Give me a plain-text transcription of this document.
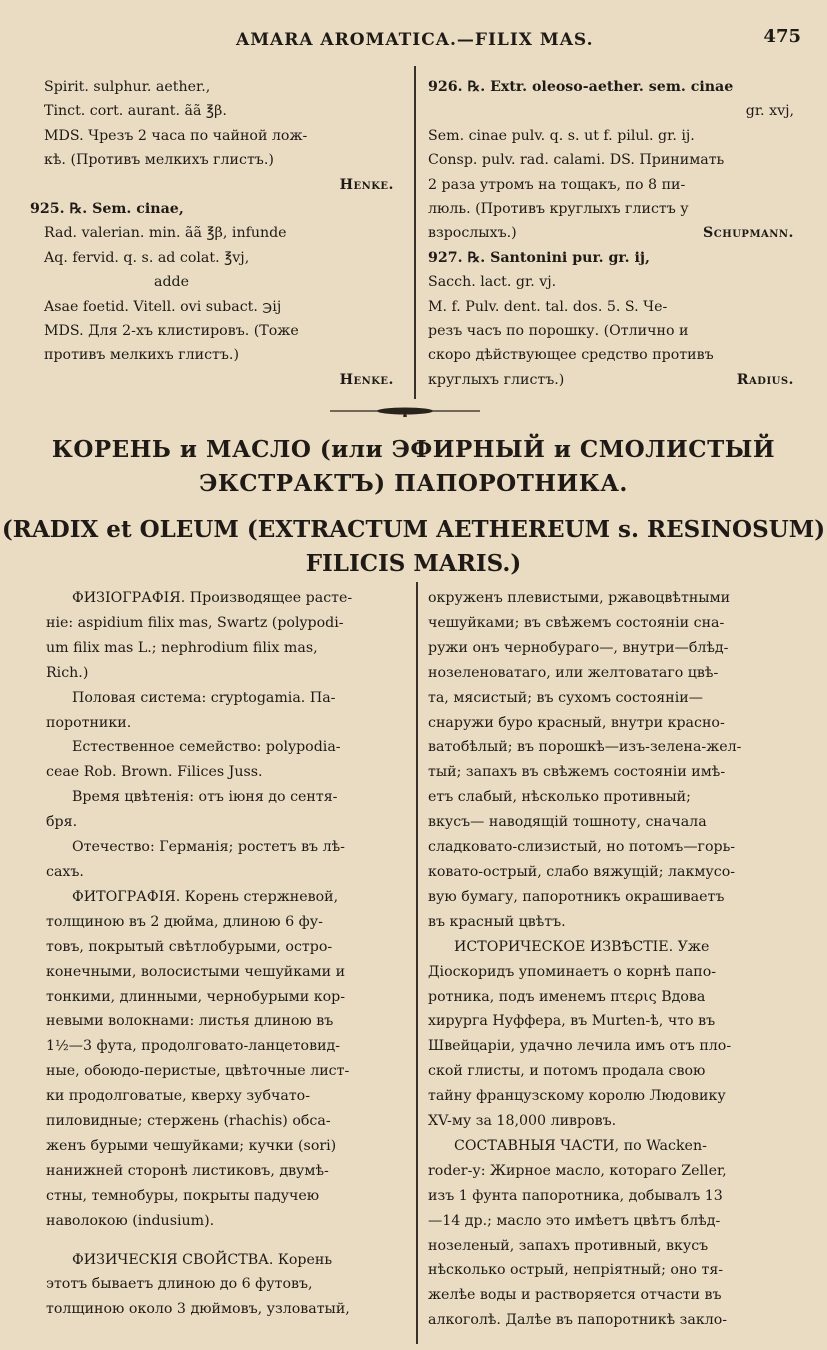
AMARA AROMATICA.—FILIX MAS.	475

Spirit. sulphur. aether.,

Tinct. cort. aurant. ãã ℥β.

MDS. Чрезъ 2 часа по чайной лож-

кѣ. (Противъ мелкихъ глистъ.)

Henke.

925. ℞. Sem. cinae,

Rad. valerian. min. ãã ℥β, infunde

Aq. fervid. q. s. ad colat. ℥vj,

adde

Asae foetid. Vitell. ovi subact. ℈ij

MDS. Для 2-хъ клистировъ. (Тоже

противъ мелкихъ глистъ.)

Henke.

926. ℞. Extr. oleoso-aether. sem. cinae

gr. xvj,

Sem. cinae pulv. q. s. ut f. pilul. gr. ij.

Consp. pulv. rad. calami. DS. Принимать

2 раза утромъ на тощакъ, по 8 пи-

люль. (Противъ круглыхъ глистъ у

взрослыхъ.)	Schupmann.

927. ℞. Santonini pur. gr. ij,

Sacch. lact. gr. vj.

M. f. Pulv. dent. tal. dos. 5. S. Че-

резъ часъ по порошку. (Отлично и

скоро дѣйствующее средство противъ

круглыхъ глистъ.)	Radius.

КОРЕНЬ и МАСЛО (или ЭФИРНЫЙ и СМОЛИСТЫЙ
ЭКСТРАКТЪ) ПАПОРОТНИКА.
(RADIX et OLEUM (EXTRACTUM AETHEREUM s. RESINOSUM)
FILICIS MARIS.)

ФИЗІОГРАФІЯ. Производящее расте-

ніе: aspidium filix mas, Swartz (polypodi-

um filix mas L.; nephrodium filix mas,

Rich.)

Половая система: cryptogamia. Па-

поротники.

Естественное семейство: polypodia-

ceae Rob. Brown. Filices Juss.

Время цвѣтенія: отъ іюня до сентя-

бря.

Отечество: Германія; ростетъ въ лѣ-

сахъ.

ФИТОГРАФІЯ. Корень стержневой,

толщиною въ 2 дюйма, длиною 6 фу-

товъ, покрытый свѣтлобурыми, остро-

конечными, волосистыми чешуйками и

тонкими, длинными, чернобурыми кор-

невыми волокнами: листья длиною въ

1½—3 фута, продолговато-ланцетовид-

ные, обоюдо-перистые, цвѣточные лист-

ки продолговатые, кверху зубчато-

пиловидные; стержень (rhachis) обса-

женъ бурыми чешуйками; кучки (sori)

нанижней сторонѣ листиковъ, двумѣ-

стны, темнобуры, покрыты падучею

наволокою (indusium).

ФИЗИЧЕСКІЯ СВОЙСТВА. Корень

этотъ бываетъ длиною до 6 футовъ,

толщиною около 3 дюймовъ, узловатый,

окруженъ плевистыми, ржавоцвѣтными

чешуйками; въ свѣжемъ состояніи сна-

ружи онъ чернобураго—, внутри—блѣд-

нозеленоватаго, или желтоватаго цвѣ-

та, мясистый; въ сухомъ состояніи—

снаружи буро красный, внутри красно-

ватобѣлый; въ порошкѣ—изъ-зелена-жел-

тый; запахъ въ свѣжемъ состояніи имѣ-

етъ слабый, нѣсколько противный;

вкусъ— наводящій тошноту, сначала

сладковато-слизистый, но потомъ—горь-

ковато-острый, слабо вяжущій; лакмусо-

вую бумагу, папоротникъ окрашиваетъ

въ красный цвѣтъ.

ИСТОРИЧЕСКОЕ ИЗВѢСТІЕ. Уже

Діоскоридъ упоминаетъ о корнѣ папо-

ротника, подъ именемъ πτερις Вдова

хирурга Нуффера, въ Murten-ѣ, что въ

Швейцаріи, удачно лечила имъ отъ пло-

ской глисты, и потомъ продала свою

тайну французскому королю Людовику

XV-му за 18,000 ливровъ.

СОСТАВНЫЯ ЧАСТИ, по Wacken-

roder-у: Жирное масло, котораго Zeller,

изъ 1 фунта папоротника, добывалъ 13

—14 др.; масло это имѣетъ цвѣтъ блѣд-

нозеленый, запахъ противный, вкусъ

нѣсколько острый, непріятный; оно тя-

желѣе воды и растворяется отчасти въ

алкоголѣ. Далѣе въ папоротникѣ закло-
